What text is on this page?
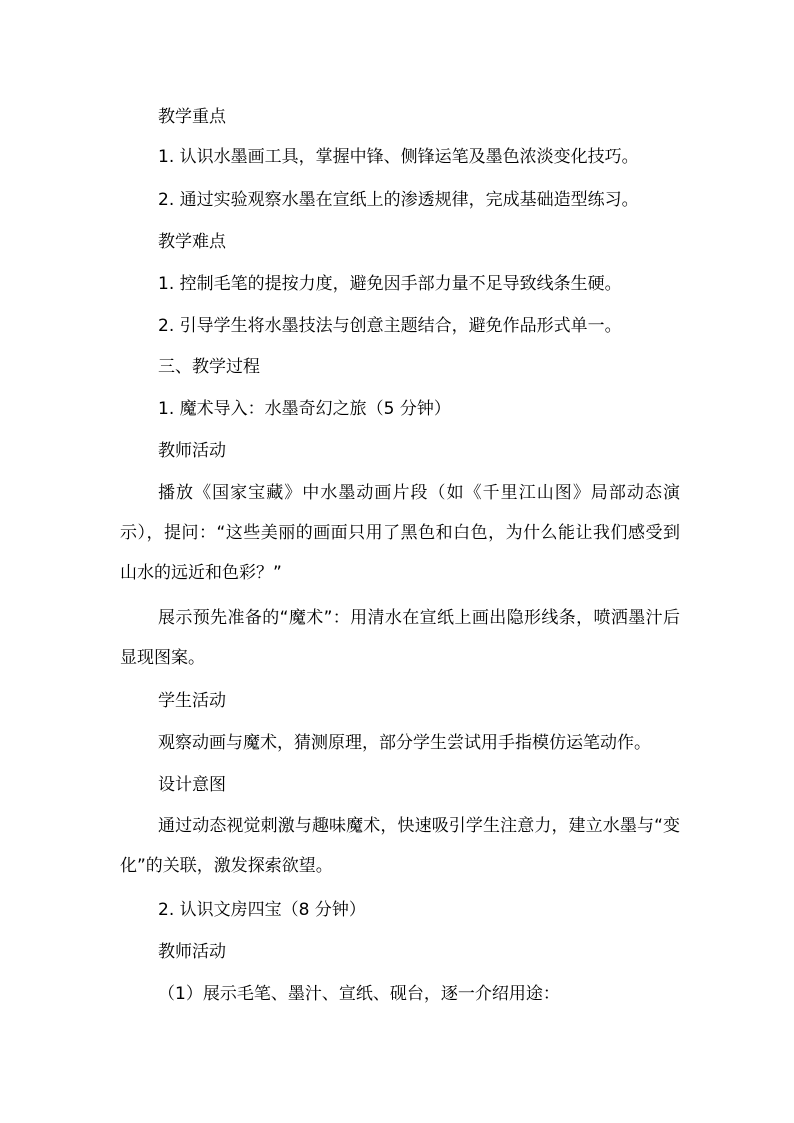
教学重点
1. 认识水墨画工具，掌握中锋、侧锋运笔及墨色浓淡变化技巧。
2. 通过实验观察水墨在宣纸上的渗透规律，完成基础造型练习。
教学难点
1. 控制毛笔的提按力度，避免因手部力量不足导致线条生硬。
2. 引导学生将水墨技法与创意主题结合，避免作品形式单一。
三、教学过程
1. 魔术导入：水墨奇幻之旅（5 分钟）
教师活动
播放《国家宝藏》中水墨动画片段（如《千里江山图》局部动态演示），提问：“这些美丽的画面只用了黑色和白色，为什么能让我们感受到山水的远近和色彩？”
展示预先准备的“魔术”：用清水在宣纸上画出隐形线条，喷洒墨汁后显现图案。
学生活动
观察动画与魔术，猜测原理，部分学生尝试用手指模仿运笔动作。
设计意图
通过动态视觉刺激与趣味魔术，快速吸引学生注意力，建立水墨与“变化”的关联，激发探索欲望。
2. 认识文房四宝（8 分钟）
教师活动
（1）展示毛笔、墨汁、宣纸、砚台，逐一介绍用途：
